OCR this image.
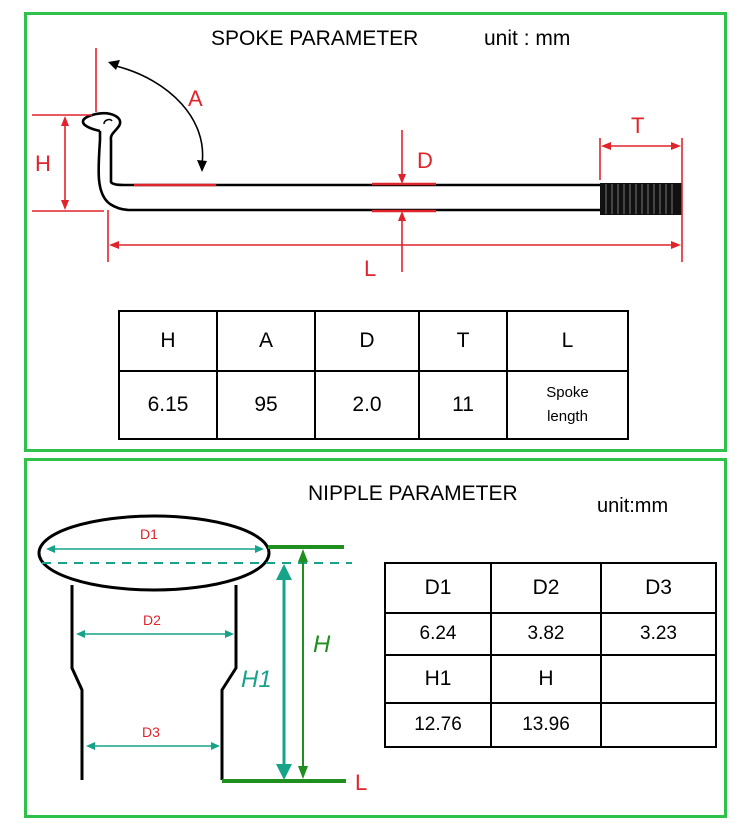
SPOKE PARAMETER	unit : mm
A
H	D
T
L
H	A	D	T	L
6.15	95	2.0	11	Spoke
length
NIPPLE PARAMETER
unit:mm
D1
D2
D3
H1
H
L
D1	D2	D3
6.24	3.82	3.23
H1	H	
12.76	13.96	
